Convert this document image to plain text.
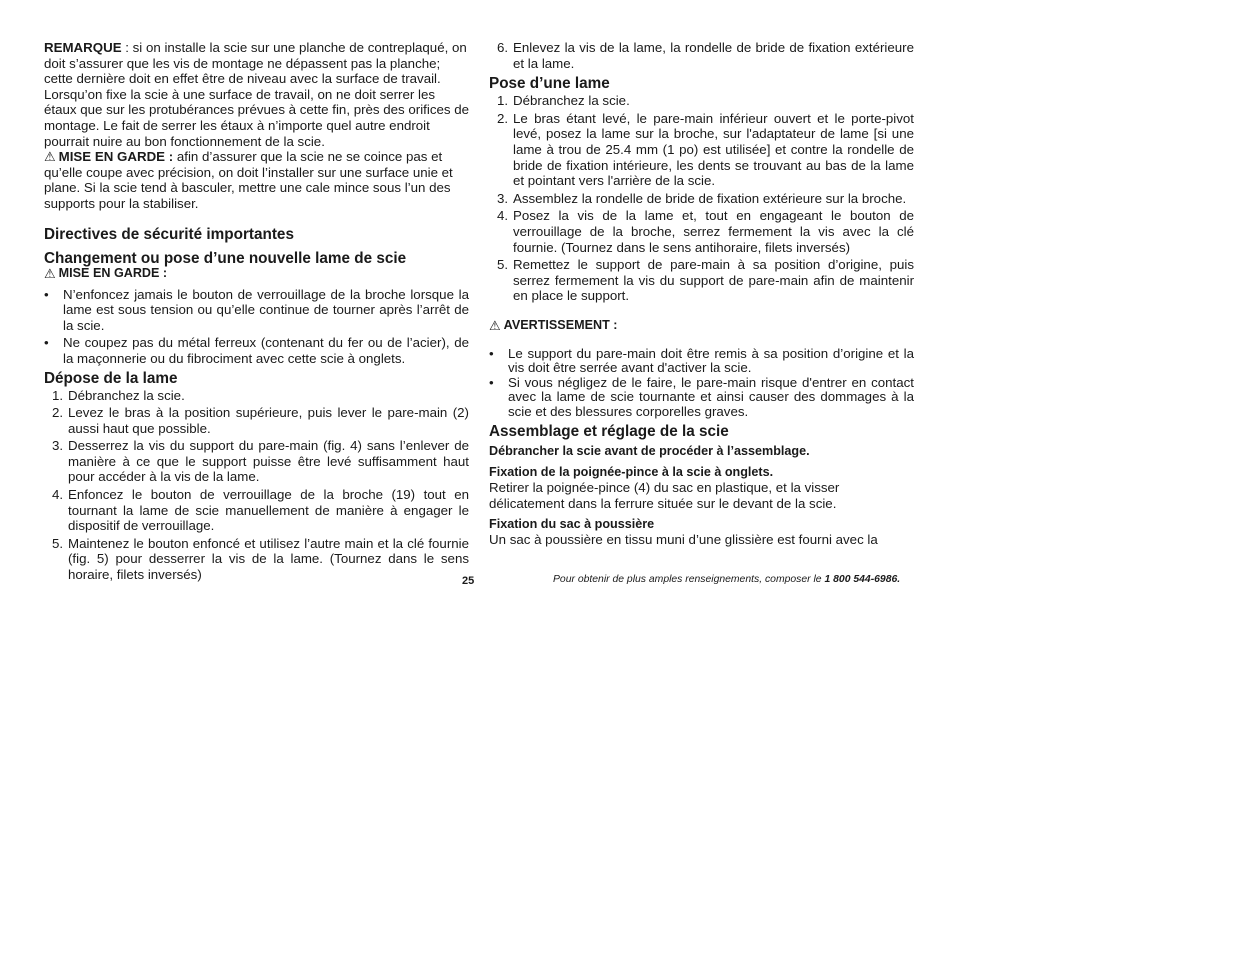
REMARQUE : si on installe la scie sur une planche de contreplaqué, on doit s’assurer que les vis de montage ne dépassent pas la planche; cette dernière doit en effet être de niveau avec la surface de travail. Lorsqu’on fixe la scie à une surface de travail, on ne doit serrer les étaux que sur les protubérances prévues à cette fin, près des orifices de montage. Le fait de serrer les étaux à n’importe quel autre endroit pourrait nuire au bon fonctionnement de la scie.

⚠ MISE EN GARDE : afin d’assurer que la scie ne se coince pas et qu’elle coupe avec précision, on doit l’installer sur une surface unie et plane. Si la scie tend à basculer, mettre une cale mince sous l’un des supports pour la stabiliser.

Directives de sécurité importantes
Changement ou pose d’une nouvelle lame de scie
⚠ MISE EN GARDE :
• N’enfoncez jamais le bouton de verrouillage de la broche lorsque la lame est sous tension ou qu’elle continue de tourner après l’arrêt de la scie.
• Ne coupez pas du métal ferreux (contenant du fer ou de l’acier), de la maçonnerie ou du fibrociment avec cette scie à onglets.
Dépose de la lame
1. Débranchez la scie.
2. Levez le bras à la position supérieure, puis lever le pare-main (2) aussi haut que possible.
3. Desserrez la vis du support du pare-main (fig. 4) sans l’enlever de manière à ce que le support puisse être levé suffisamment haut pour accéder à la vis de la lame.
4. Enfoncez le bouton de verrouillage de la broche (19) tout en tournant la lame de scie manuellement de manière à engager le dispositif de verrouillage.
5. Maintenez le bouton enfoncé et utilisez l’autre main et la clé fournie (fig. 5) pour desserrer la vis de la lame. (Tournez dans le sens horaire, filets inversés)
6. Enlevez la vis de la lame, la rondelle de bride de fixation extérieure et la lame.
Pose d’une lame
1. Débranchez la scie.
2. Le bras étant levé, le pare-main inférieur ouvert et le porte-pivot levé, posez la lame sur la broche, sur l'adaptateur de lame [si une lame à trou de 25.4 mm (1 po) est utilisée] et contre la rondelle de bride de fixation intérieure, les dents se trouvant au bas de la lame et pointant vers l'arrière de la scie.
3. Assemblez la rondelle de bride de fixation extérieure sur la broche.
4. Posez la vis de la lame et, tout en engageant le bouton de verrouillage de la broche, serrez fermement la vis avec la clé fournie. (Tournez dans le sens antihoraire, filets inversés)
5. Remettez le support de pare-main à sa position d’origine, puis serrez fermement la vis du support de pare-main afin de maintenir en place le support.
⚠ AVERTISSEMENT :
• Le support du pare-main doit être remis à sa position d’origine et la vis doit être serrée avant d'activer la scie.
• Si vous négligez de le faire, le pare-main risque d'entrer en contact avec la lame de scie tournante et ainsi causer des dommages à la scie et des blessures corporelles graves.
Assemblage et réglage de la scie
Débrancher la scie avant de procéder à l’assemblage.
Fixation de la poignée-pince à la scie à onglets.

Retirer la poignée-pince (4) du sac en plastique, et la visser délicatement dans la ferrure située sur le devant de la scie.

Fixation du sac à poussière

Un sac à poussière en tissu muni d’une glissière est fourni avec la

25	Pour obtenir de plus amples renseignements, composer le 1 800 544-6986.
